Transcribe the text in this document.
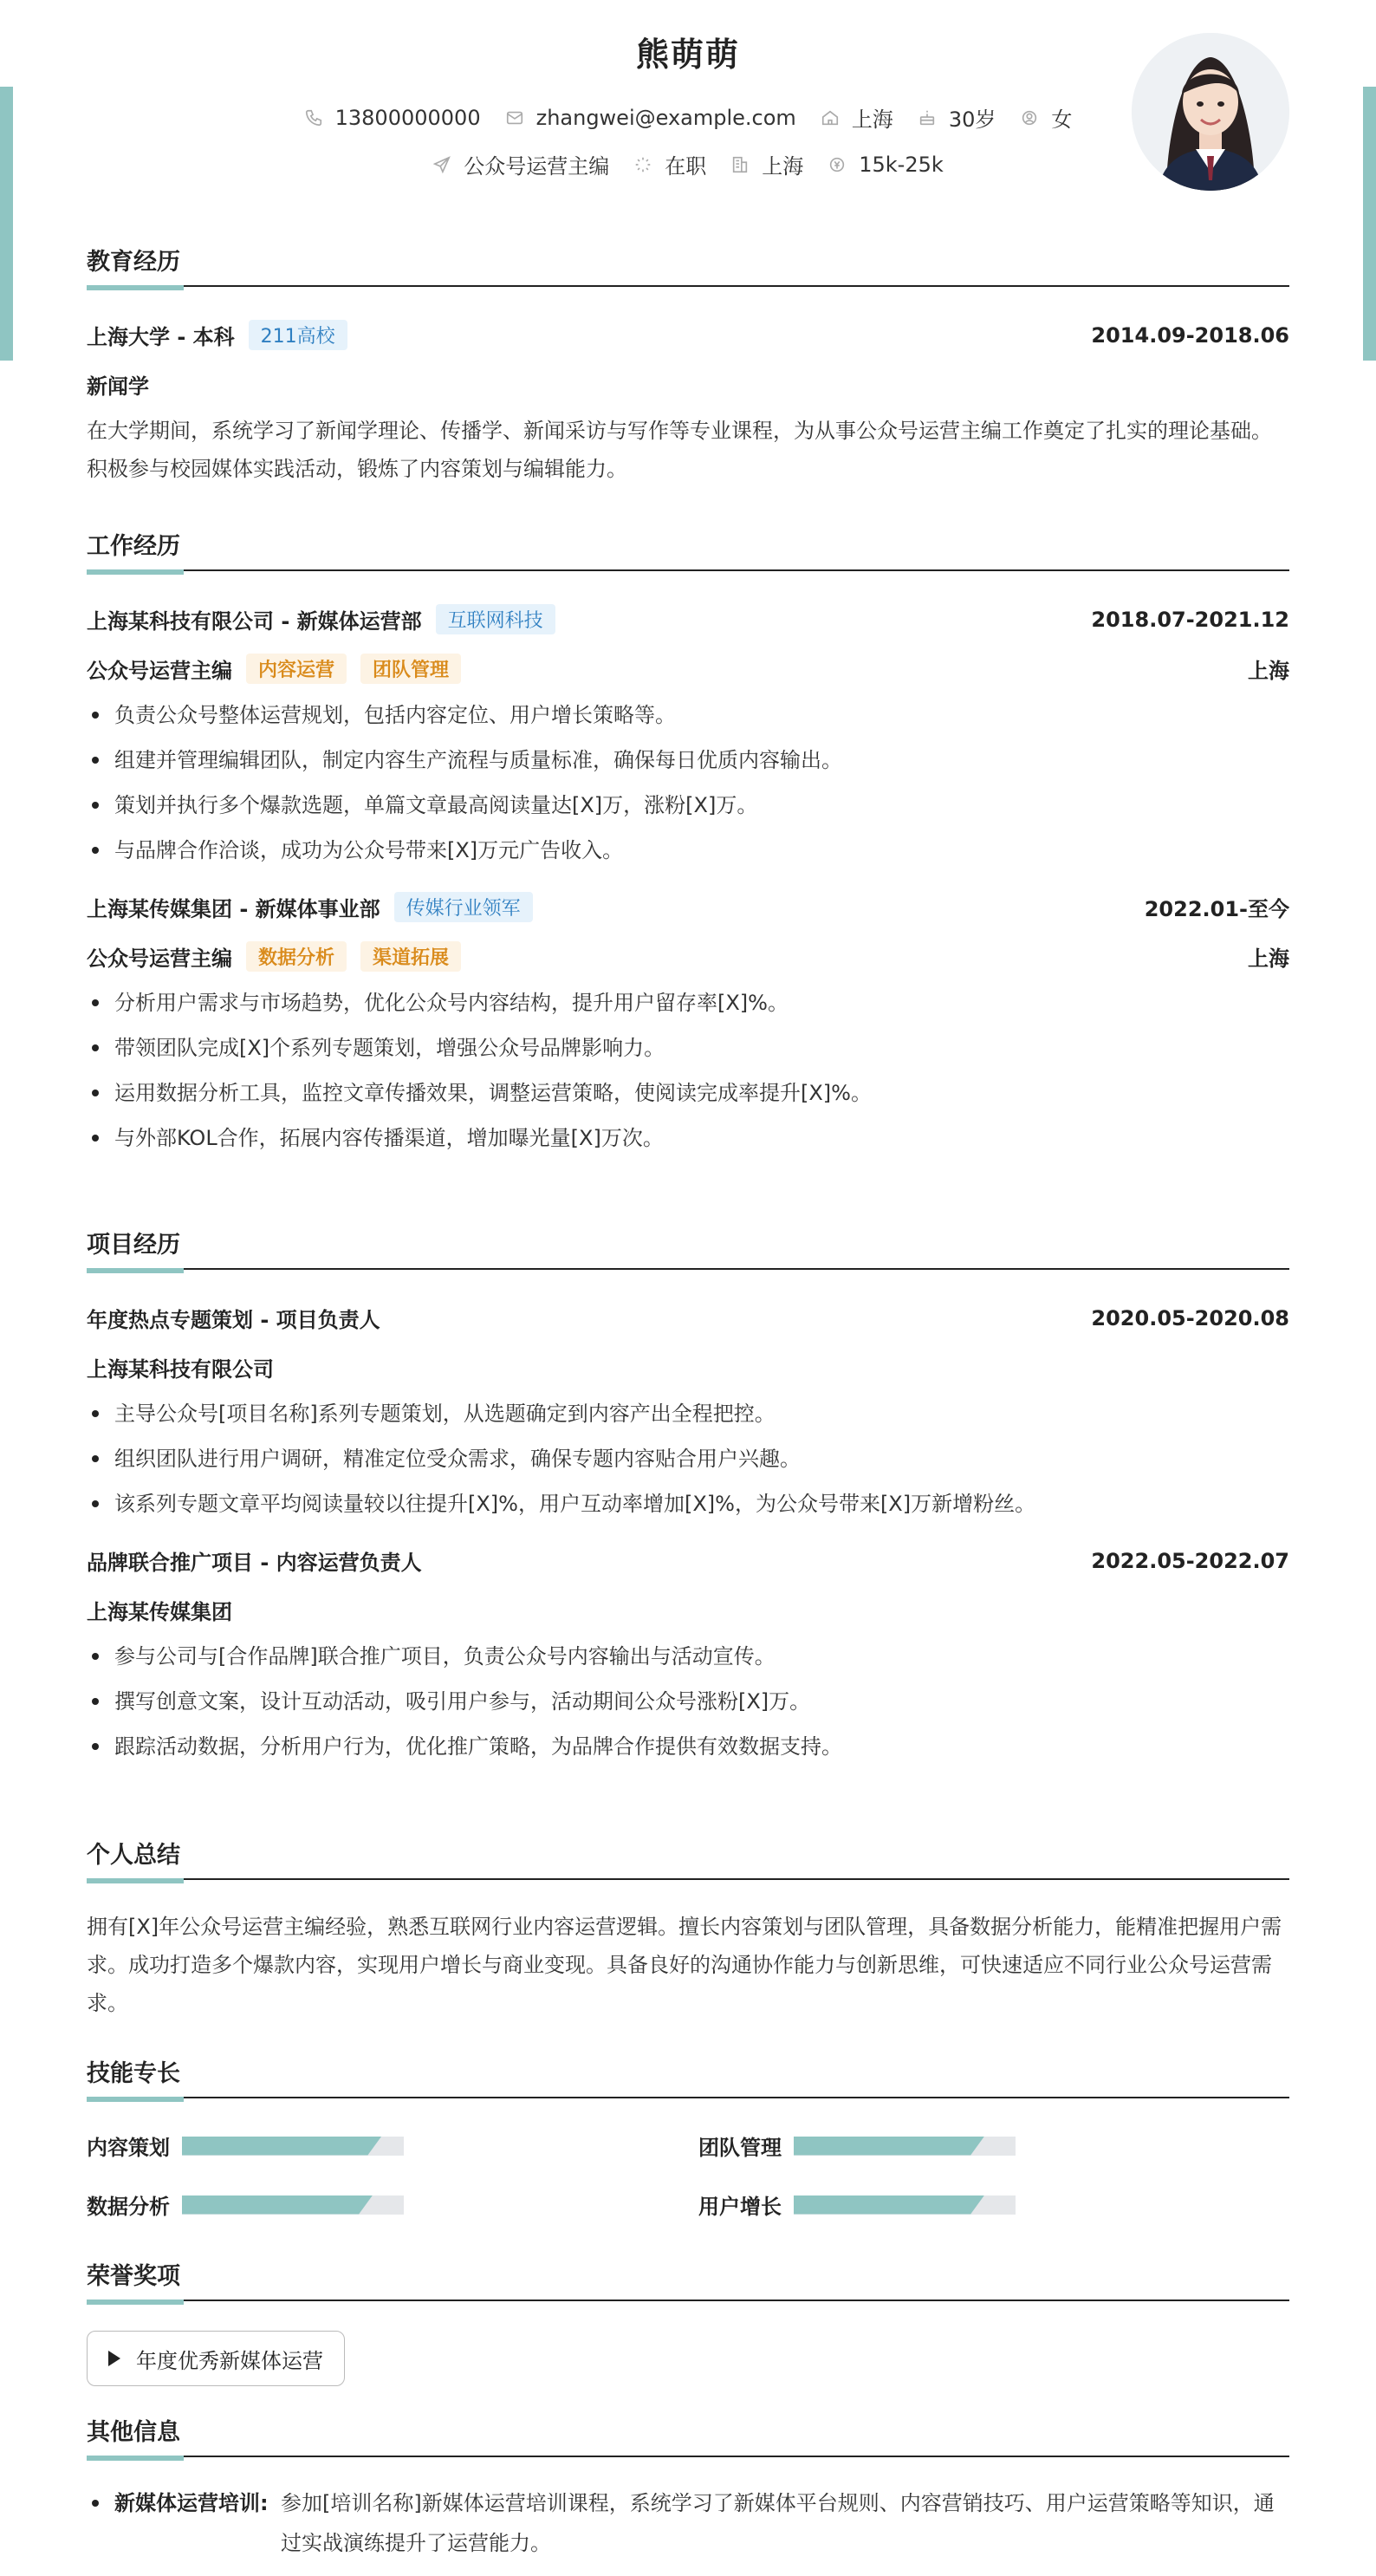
熊萌萌
13800000000	zhangwei@example.com	上海	30岁	女
公众号运营主编	在职	上海	15k-25k
教育经历
上海大学 - 本科	211高校	2014.09-2018.06
新闻学
在大学期间，系统学习了新闻学理论、传播学、新闻采访与写作等专业课程，为从事公众号运营主编工作奠定了扎实的理论基础。积极参与校园媒体实践活动，锻炼了内容策划与编辑能力。
工作经历
上海某科技有限公司 - 新媒体运营部	互联网科技	2018.07-2021.12
公众号运营主编	内容运营	团队管理	上海
负责公众号整体运营规划，包括内容定位、用户增长策略等。
组建并管理编辑团队，制定内容生产流程与质量标准，确保每日优质内容输出。
策划并执行多个爆款选题，单篇文章最高阅读量达[X]万，涨粉[X]万。
与品牌合作洽谈，成功为公众号带来[X]万元广告收入。
上海某传媒集团 - 新媒体事业部	传媒行业领军	2022.01-至今
公众号运营主编	数据分析	渠道拓展	上海
分析用户需求与市场趋势，优化公众号内容结构，提升用户留存率[X]%。
带领团队完成[X]个系列专题策划，增强公众号品牌影响力。
运用数据分析工具，监控文章传播效果，调整运营策略，使阅读完成率提升[X]%。
与外部KOL合作，拓展内容传播渠道，增加曝光量[X]万次。
项目经历
年度热点专题策划 - 项目负责人	2020.05-2020.08
上海某科技有限公司
主导公众号[项目名称]系列专题策划，从选题确定到内容产出全程把控。
组织团队进行用户调研，精准定位受众需求，确保专题内容贴合用户兴趣。
该系列专题文章平均阅读量较以往提升[X]%，用户互动率增加[X]%，为公众号带来[X]万新增粉丝。
品牌联合推广项目 - 内容运营负责人	2022.05-2022.07
上海某传媒集团
参与公司与[合作品牌]联合推广项目，负责公众号内容输出与活动宣传。
撰写创意文案，设计互动活动，吸引用户参与，活动期间公众号涨粉[X]万。
跟踪活动数据，分析用户行为，优化推广策略，为品牌合作提供有效数据支持。
个人总结
拥有[X]年公众号运营主编经验，熟悉互联网行业内容运营逻辑。擅长内容策划与团队管理，具备数据分析能力，能精准把握用户需求。成功打造多个爆款内容，实现用户增长与商业变现。具备良好的沟通协作能力与创新思维，可快速适应不同行业公众号运营需求。
技能专长
内容策划	团队管理
数据分析	用户增长
荣誉奖项
年度优秀新媒体运营
其他信息
新媒体运营培训: 参加[培训名称]新媒体运营培训课程，系统学习了新媒体平台规则、内容营销技巧、用户运营策略等知识，通过实战演练提升了运营能力。
